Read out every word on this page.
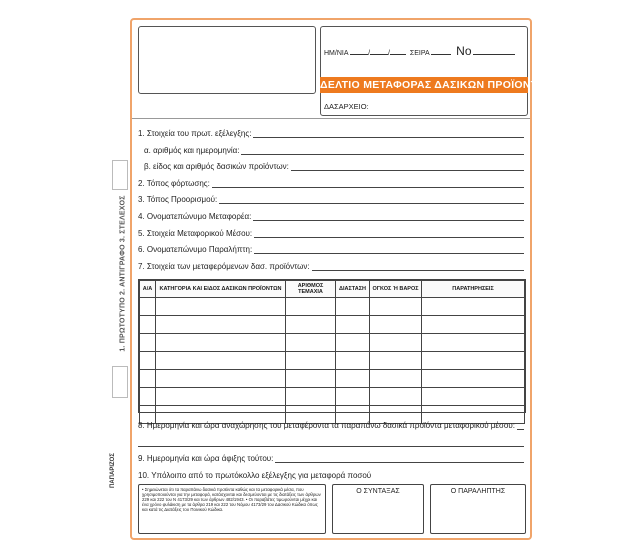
1. ΠΡΩΤΟΤΥΠΟ 2. ΑΝΤΙΓΡΑΦΟ 3. ΣΤΕΛΕΧΟΣ
ΠΑΠΑΡΙΖΟΣ
ΗΜ/ΝΙΑ	/	/	ΣΕΙΡΑ Νο
ΔΕΛΤΙΟ ΜΕΤΑΦΟΡΑΣ ΔΑΣΙΚΩΝ ΠΡΟΪΟΝΤΩΝ
ΔΑΣΑΡΧΕΙΟ:
1. Στοιχεία του πρωτ. εξέλεγξης:
α. αριθμός και ημερομηνία:
β. είδος και αριθμός δασικών προϊόντων:
2. Τόπος φόρτωσης:
3. Τόπος Προορισμού:
4. Ονοματεπώνυμο Μεταφορέα:
5. Στοιχεία Μεταφορικού Μέσου:
6. Ονοματεπώνυμο Παραλήπτη:
7. Στοιχεία των μεταφερόμενων δασ. προϊόντων:
Α/Α	ΚΑΤΗΓΟΡΙΑ ΚΑΙ ΕΙΔΟΣ ΔΑΣΙΚΩΝ ΠΡΟΪΟΝΤΩΝ	ΑΡΙΘΜΟΣ ΤΕΜΑΧΙΑ	ΔΙΑΣΤΑΣΗ	ΟΓΚΟΣ Ή ΒΑΡΟΣ	ΠΑΡΑΤΗΡΗΣΕΙΣ

8. Ημερομηνία και ώρα αναχώρησης του μεταφέροντα τα παραπάνω δασικά προϊόντα μεταφορικού μέσου:
9. Ημερομηνία και ώρα άφιξης τούτου:
10. Υπόλοιπο από το πρωτόκολλο εξέλεγξης για μεταφορά ποσού
• Σημειώνεται ότι τα παραπάνω δασικά προϊόντα καθώς και τα μεταφορικά μέσα, που χρησιμοποιούνται για την μεταφορά, κατάσχονται και δεσμεύονται με τις διατάξεις των άρθρων 229 και 222 του Ν 4173/29 και των άρθρων 482/1943. • Οι παραβάτες τιμωρούνται μέχρι και ένα χρόνο φυλάκιση με τα άρθρα 219 και 222 του Νόμου 4173/29 του Δασικού Κώδικα όπως και κατά τις Διατάξεις του Ποινικού Κώδικα.
Ο ΣΥΝΤΑΞΑΣ	Ο ΠΑΡΑΛΗΠΤΗΣ
